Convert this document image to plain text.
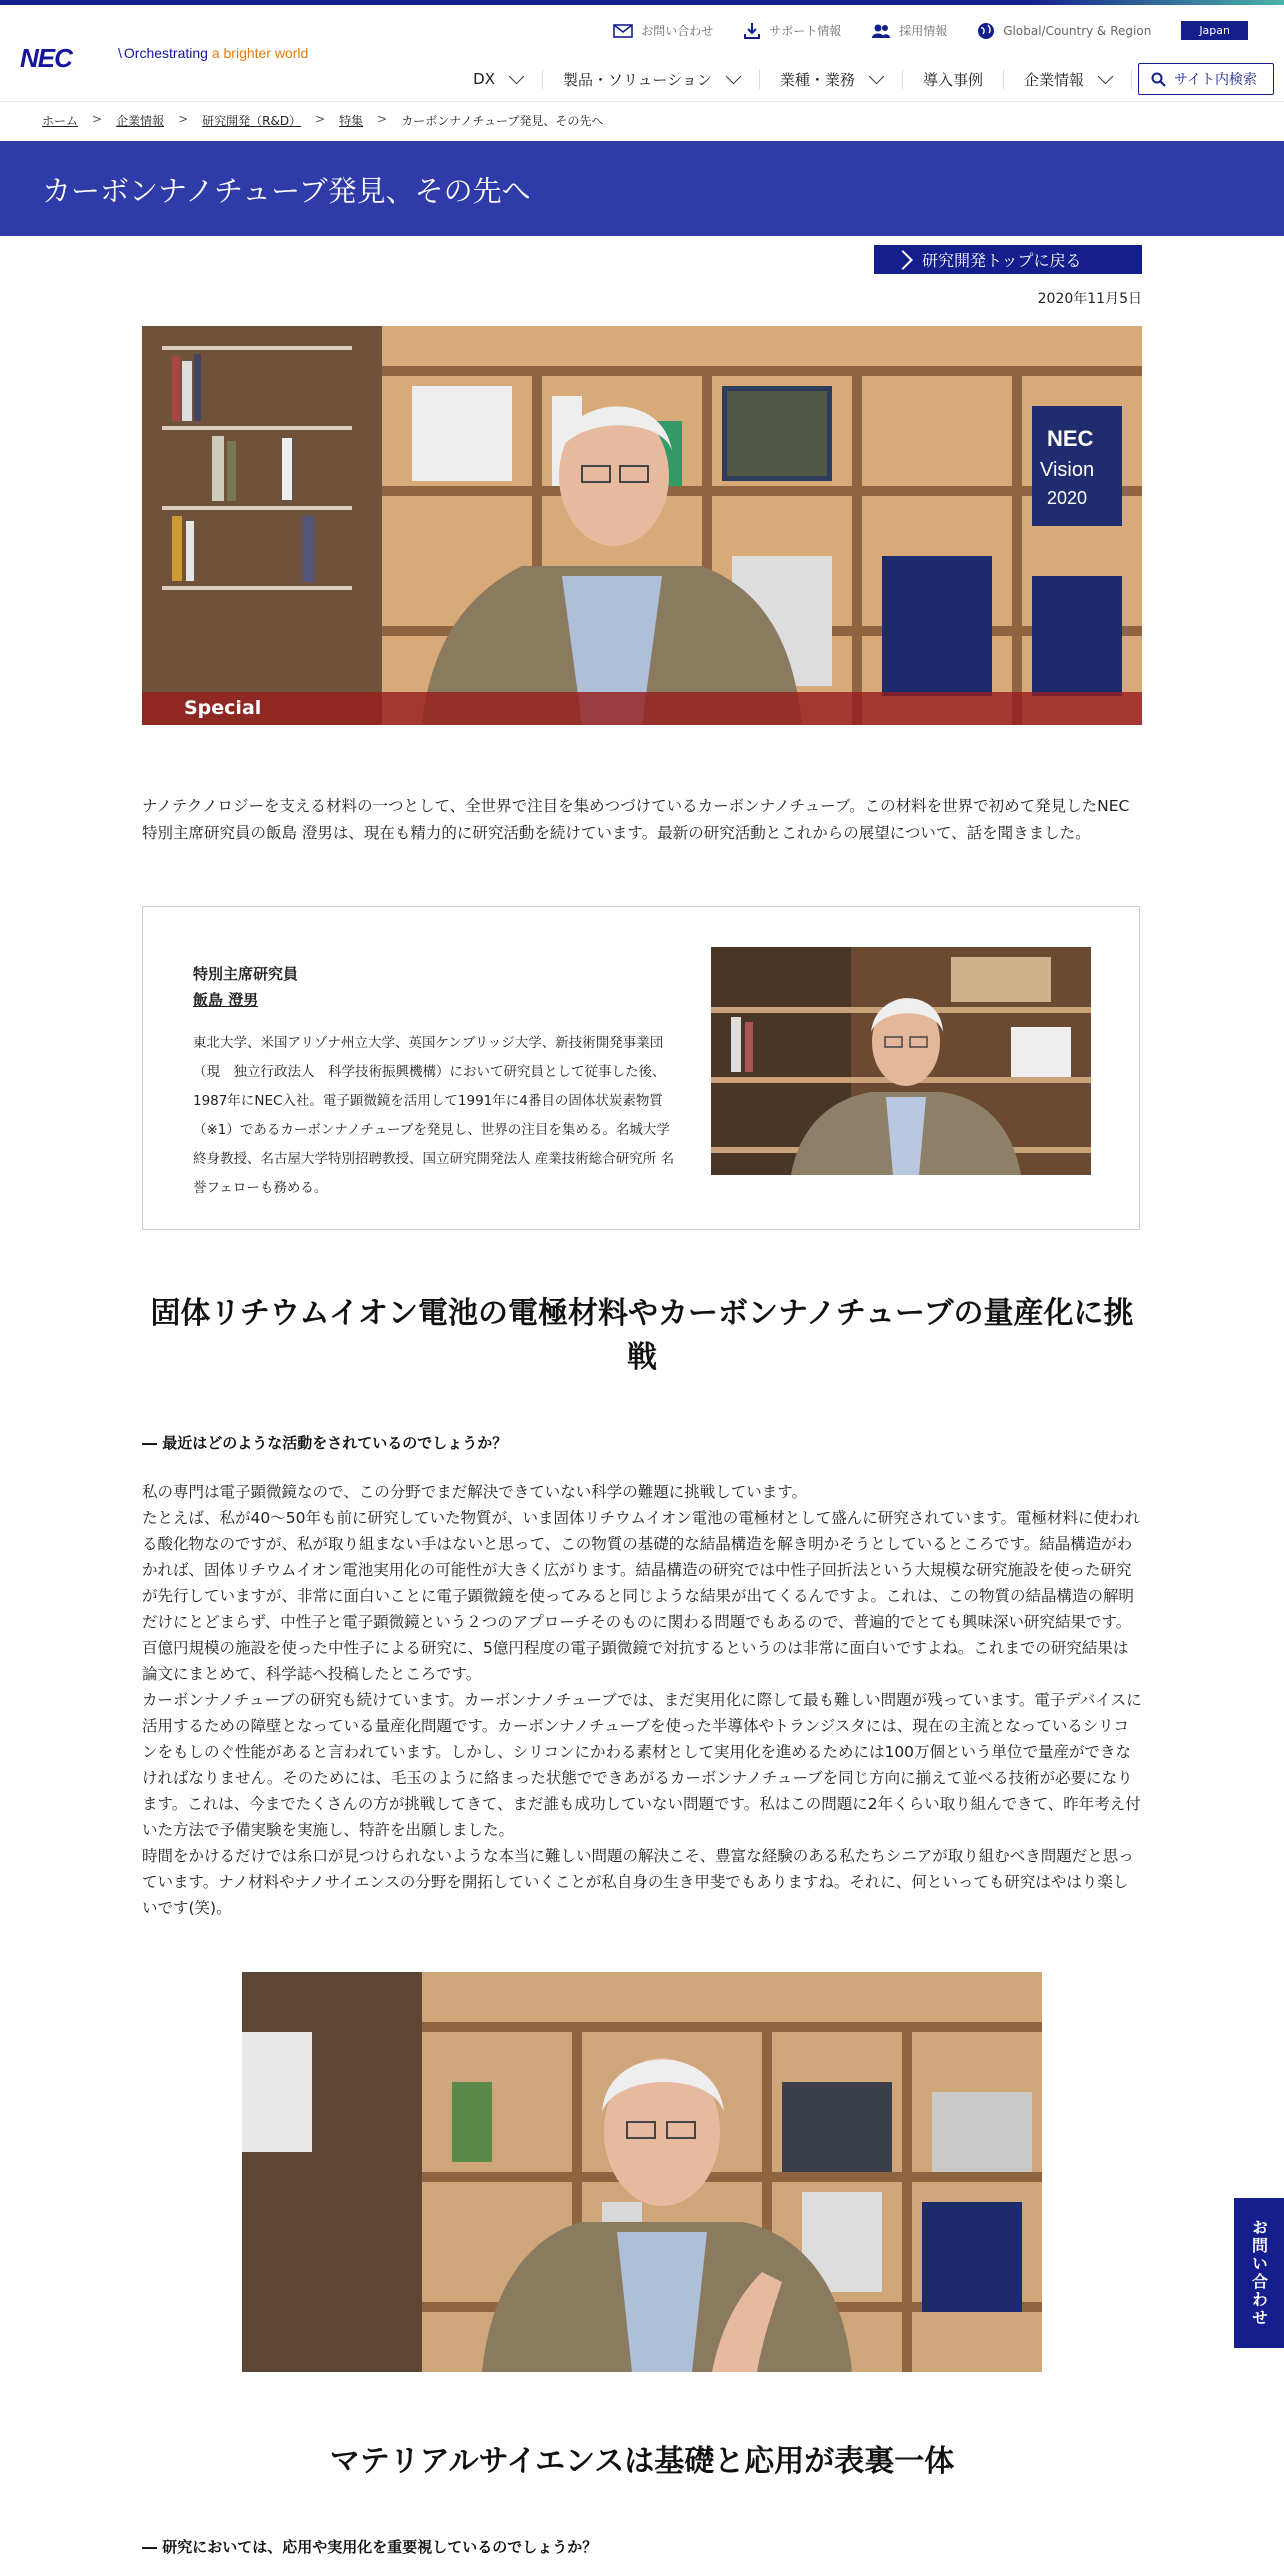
NEC	\ Orchestrating a brighter world
お問い合わせ	サポート情報	採用情報	Global/Country & Region	Japan
DX	製品・ソリューション	業種・業務	導入事例	企業情報	サイト内検索
ホーム > 企業情報 > 研究開発（R&D） > 特集 > カーボンナノチューブ発見、その先へ
カーボンナノチューブ発見、その先へ
研究開発トップに戻る
2020年11月5日
NEC
Vision
2020
Special

ナノテクノロジーを支える材料の一つとして、全世界で注目を集めつづけているカーボンナノチューブ。この材料を世界で初めて発見したNEC特別主席研究員の飯島 澄男は、現在も精力的に研究活動を続けています。最新の研究活動とこれからの展望について、話を聞きました。

特別主席研究員
飯島 澄男
東北大学、米国アリゾナ州立大学、英国ケンブリッジ大学、新技術開発事業団（現　独立行政法人　科学技術振興機構）において研究員として従事した後、1987年にNEC入社。電子顕微鏡を活用して1991年に4番目の固体状炭素物質（※1）であるカーボンナノチューブを発見し、世界の注目を集める。名城大学 終身教授、名古屋大学特別招聘教授、国立研究開発法人 産業技術総合研究所 名誉フェローも務める。
固体リチウムイオン電池の電極材料やカーボンナノチューブの量産化に挑戦
― 最近はどのような活動をされているのでしょうか？

私の専門は電子顕微鏡なので、この分野でまだ解決できていない科学の難題に挑戦しています。

たとえば、私が40～50年も前に研究していた物質が、いま固体リチウムイオン電池の電極材として盛んに研究されています。電極材料に使われる酸化物なのですが、私が取り組まない手はないと思って、この物質の基礎的な結晶構造を解き明かそうとしているところです。結晶構造がわかれば、固体リチウムイオン電池実用化の可能性が大きく広がります。結晶構造の研究では中性子回折法という大規模な研究施設を使った研究が先行していますが、非常に面白いことに電子顕微鏡を使ってみると同じような結果が出てくるんですよ。これは、この物質の結晶構造の解明だけにとどまらず、中性子と電子顕微鏡という２つのアプローチそのものに関わる問題でもあるので、普遍的でとても興味深い研究結果です。百億円規模の施設を使った中性子による研究に、5億円程度の電子顕微鏡で対抗するというのは非常に面白いですよね。これまでの研究結果は論文にまとめて、科学誌へ投稿したところです。

カーボンナノチューブの研究も続けています。カーボンナノチューブでは、まだ実用化に際して最も難しい問題が残っています。電子デバイスに活用するための障壁となっている量産化問題です。カーボンナノチューブを使った半導体やトランジスタには、現在の主流となっているシリコンをもしのぐ性能があると言われています。しかし、シリコンにかわる素材として実用化を進めるためには100万個という単位で量産ができなければなりません。そのためには、毛玉のように絡まった状態でできあがるカーボンナノチューブを同じ方向に揃えて並べる技術が必要になります。これは、今までたくさんの方が挑戦してきて、まだ誰も成功していない問題です。私はこの問題に2年くらい取り組んできて、昨年考え付いた方法で予備実験を実施し、特許を出願しました。

時間をかけるだけでは糸口が見つけられないような本当に難しい問題の解決こそ、豊富な経験のある私たちシニアが取り組むべき問題だと思っています。ナノ材料やナノサイエンスの分野を開拓していくことが私自身の生き甲斐でもありますね。それに、何といっても研究はやはり楽しいです(笑)。

マテリアルサイエンスは基礎と応用が表裏一体
― 研究においては、応用や実用化を重要視しているのでしょうか？
お問い合わせ
